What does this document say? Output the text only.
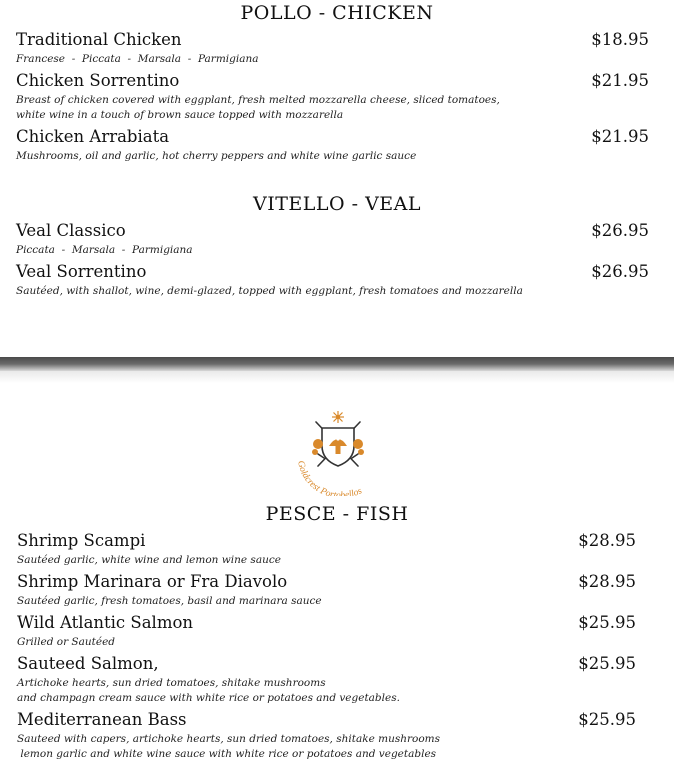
POLLO - CHICKEN
Traditional Chicken
Francese  -  Piccata  -  Marsala  -  Parmigiana
$18.95
Chicken Sorrentino
Breast of chicken covered with eggplant, fresh melted mozzarella cheese, sliced tomatoes,
white wine in a touch of brown sauce topped with mozzarella
$21.95
Chicken Arrabiata
Mushrooms, oil and garlic, hot cherry peppers and white wine garlic sauce
$21.95
VITELLO - VEAL
Veal Classico
Piccata  -  Marsala  -  Parmigiana
$26.95
Veal Sorrentino
Sautéed, with shallot, wine, demi-glazed, topped with eggplant, fresh tomatoes and mozzarella
$26.95
Goldcrest Portobellos
PESCE - FISH
Shrimp Scampi
Sautéed garlic, white wine and lemon wine sauce
$28.95
Shrimp Marinara or Fra Diavolo
Sautéed garlic, fresh tomatoes, basil and marinara sauce
$28.95
Wild Atlantic Salmon
Grilled or Sautéed
$25.95
Sauteed Salmon,
Artichoke hearts, sun dried tomatoes, shitake mushrooms
and champagn cream sauce with white rice or potatoes and vegetables.
$25.95
Mediterranean Bass
Sauteed with capers, artichoke hearts, sun dried tomatoes, shitake mushrooms
lemon garlic and white wine sauce with white rice or potatoes and vegetables
$25.95
